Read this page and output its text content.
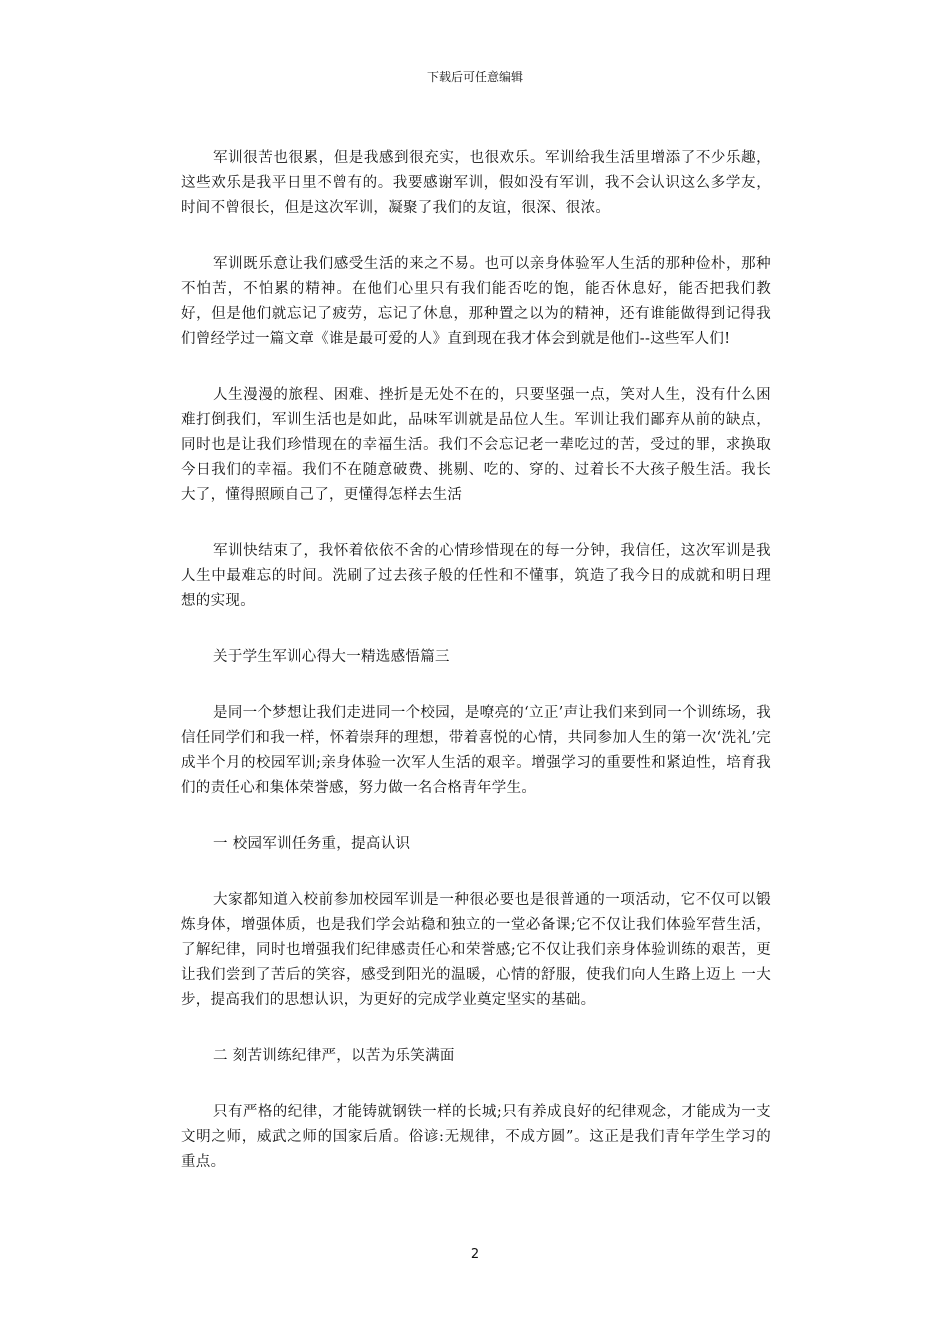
下载后可任意编辑

军训很苦也很累，但是我感到很充实，也很欢乐。军训给我生活里增添了不少乐趣，这些欢乐是我平日里不曾有的。我要感谢军训，假如没有军训，我不会认识这么多学友，时间不曾很长，但是这次军训，凝聚了我们的友谊，很深、很浓。

军训既乐意让我们感受生活的来之不易。也可以亲身体验军人生活的那种俭朴，那种不怕苦，不怕累的精神。在他们心里只有我们能否吃的饱，能否休息好，能否把我们教好，但是他们就忘记了疲劳，忘记了休息，那种置之以为的精神，还有谁能做得到记得我们曾经学过一篇文章《谁是最可爱的人》直到现在我才体会到就是他们--这些军人们!

人生漫漫的旅程、困难、挫折是无处不在的，只要坚强一点，笑对人生，没有什么困难打倒我们，军训生活也是如此，品味军训就是品位人生。军训让我们鄙弃从前的缺点，同时也是让我们珍惜现在的幸福生活。我们不会忘记老一辈吃过的苦，受过的罪，求换取今日我们的幸福。我们不在随意破费、挑剔、吃的、穿的、过着长不大孩子般生活。我长大了，懂得照顾自己了，更懂得怎样去生活

军训快结束了，我怀着依依不舍的心情珍惜现在的每一分钟，我信任，这次军训是我人生中最难忘的时间。洗刷了过去孩子般的任性和不懂事，筑造了我今日的成就和明日理想的实现。

关于学生军训心得大一精选感悟篇三

是同一个梦想让我们走进同一个校园，是嘹亮的‘立正’声让我们来到同一个训练场，我信任同学们和我一样，怀着崇拜的理想，带着喜悦的心情，共同参加人生的第一次‘洗礼’完成半个月的校园军训;亲身体验一次军人生活的艰辛。增强学习的重要性和紧迫性，培育我们的责任心和集体荣誉感，努力做一名合格青年学生。

一 校园军训任务重，提高认识

大家都知道入校前参加校园军训是一种很必要也是很普通的一项活动，它不仅可以锻炼身体，增强体质，也是我们学会站稳和独立的一堂必备课;它不仅让我们体验军营生活，了解纪律，同时也增强我们纪律感责任心和荣誉感;它不仅让我们亲身体验训练的艰苦，更让我们尝到了苦后的笑容，感受到阳光的温暖，心情的舒服，使我们向人生路上迈上 一大步，提高我们的思想认识，为更好的完成学业奠定坚实的基础。

二 刻苦训练纪律严，以苦为乐笑满面

只有严格的纪律，才能铸就钢铁一样的长城;只有养成良好的纪律观念，才能成为一支文明之师，威武之师的国家后盾。俗谚:无规律，不成方圆”。这正是我们青年学生学习的重点。

2
